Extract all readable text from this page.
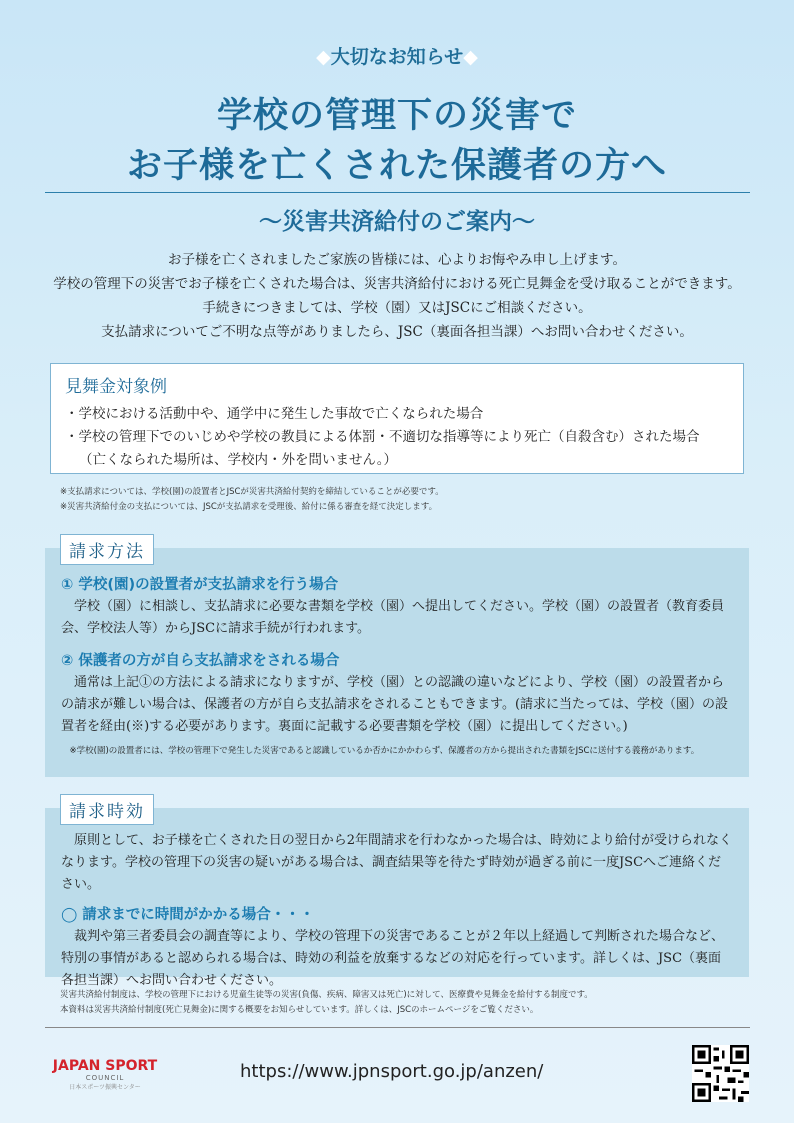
◆大切なお知らせ◆
学校の管理下の災害で
お子様を亡くされた保護者の方へ
～災害共済給付のご案内～
お子様を亡くされましたご家族の皆様には、心よりお悔やみ申し上げます。
学校の管理下の災害でお子様を亡くされた場合は、災害共済給付における死亡見舞金を受け取ることができます。
手続きにつきましては、学校（園）又はJSCにご相談ください。
支払請求についてご不明な点等がありましたら、JSC（裏面各担当課）へお問い合わせください。
見舞金対象例

・学校における活動中や、通学中に発生した事故で亡くなられた場合

・学校の管理下でのいじめや学校の教員による体罰・不適切な指導等により死亡（自殺含む）された場合

（亡くなられた場所は、学校内・外を問いません。）

※支払請求については、学校(園)の設置者とJSCが災害共済給付契約を締結していることが必要です。
※災害共済給付金の支払については、JSCが支払請求を受理後、給付に係る審査を経て決定します。
① 学校(園)の設置者が支払請求を行う場合

学校（園）に相談し、支払請求に必要な書類を学校（園）へ提出してください。学校（園）の設置者（教育委員会、学校法人等）からJSCに請求手続が行われます。

② 保護者の方が自ら支払請求をされる場合

通常は上記①の方法による請求になりますが、学校（園）との認識の違いなどにより、学校（園）の設置者からの請求が難しい場合は、保護者の方が自ら支払請求をされることもできます。(請求に当たっては、学校（園）の設置者を経由(※)する必要があります。裏面に記載する必要書類を学校（園）に提出してください。)

※学校(園)の設置者には、学校の管理下で発生した災害であると認識しているか否かにかかわらず、保護者の方から提出された書類をJSCに送付する義務があります。

請求方法

原則として、お子様を亡くされた日の翌日から2年間請求を行わなかった場合は、時効により給付が受けられなくなります。学校の管理下の災害の疑いがある場合は、調査結果等を待たず時効が過ぎる前に一度JSCへご連絡ください。

◯ 請求までに時間がかかる場合・・・

裁判や第三者委員会の調査等により、学校の管理下の災害であることが２年以上経過して判断された場合など、特別の事情があると認められる場合は、時効の利益を放棄するなどの対応を行っています。詳しくは、JSC（裏面各担当課）へお問い合わせください。

請求時効
災害共済給付制度は、学校の管理下における児童生徒等の災害(負傷、疾病、障害又は死亡)に対して、医療費や見舞金を給付する制度です。
本資料は災害共済給付制度(死亡見舞金)に関する概要をお知らせしています。詳しくは、JSCのホームページをご覧ください。
JAPAN SPORT
COUNCIL
日本スポーツ振興センター
https://www.jpnsport.go.jp/anzen/
